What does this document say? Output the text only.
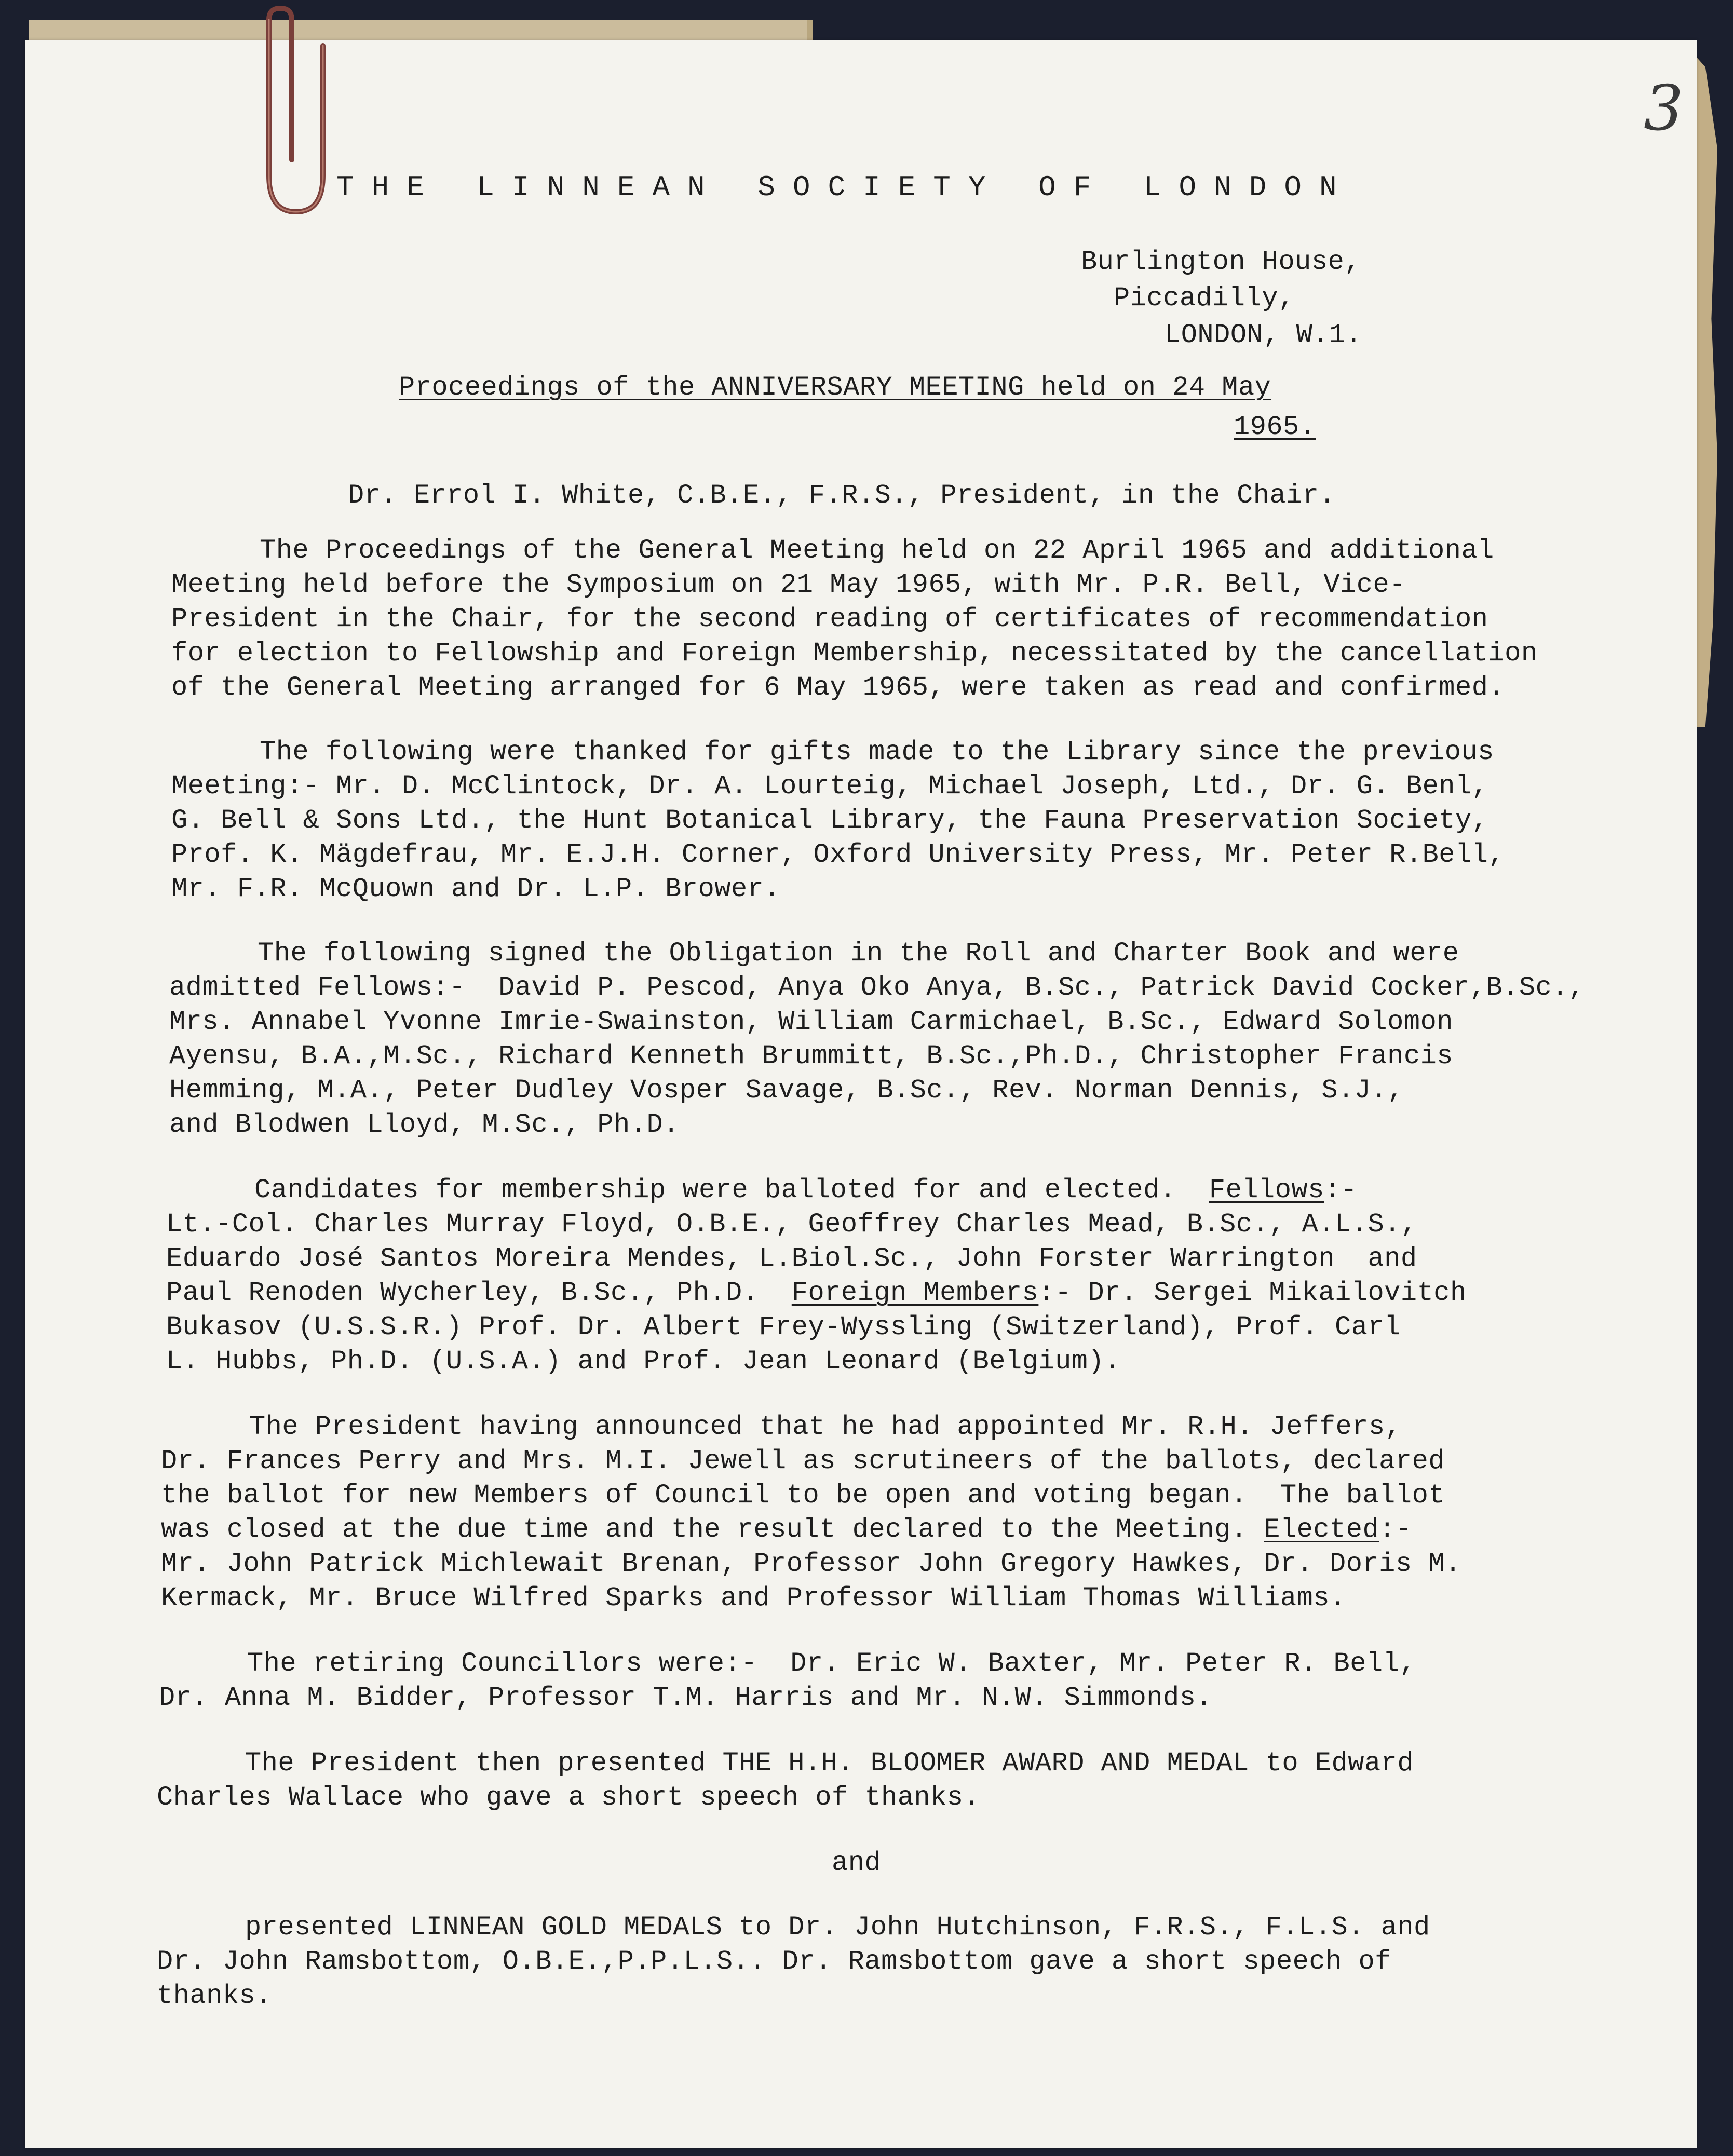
3
THE LINNEAN SOCIETY OF LONDON
Burlington House,
Piccadilly,
LONDON, W.1.
Proceedings of the ANNIVERSARY MEETING held on 24 May
1965.
Dr. Errol I. White, C.B.E., F.R.S., President, in the Chair.
The Proceedings of the General Meeting held on 22 April 1965 and additional
Meeting held before the Symposium on 21 May 1965, with Mr. P.R. Bell, Vice-
President in the Chair, for the second reading of certificates of recommendation
for election to Fellowship and Foreign Membership, necessitated by the cancellation
of the General Meeting arranged for 6 May 1965, were taken as read and confirmed.
The following were thanked for gifts made to the Library since the previous
Meeting:- Mr. D. McClintock, Dr. A. Lourteig, Michael Joseph, Ltd., Dr. G. Benl,
G. Bell & Sons Ltd., the Hunt Botanical Library, the Fauna Preservation Society,
Prof. K. Mägdefrau, Mr. E.J.H. Corner, Oxford University Press, Mr. Peter R.Bell,
Mr. F.R. McQuown and Dr. L.P. Brower.
The following signed the Obligation in the Roll and Charter Book and were
admitted Fellows:-  David P. Pescod, Anya Oko Anya, B.Sc., Patrick David Cocker,B.Sc.,
Mrs. Annabel Yvonne Imrie-Swainston, William Carmichael, B.Sc., Edward Solomon
Ayensu, B.A.,M.Sc., Richard Kenneth Brummitt, B.Sc.,Ph.D., Christopher Francis
Hemming, M.A., Peter Dudley Vosper Savage, B.Sc., Rev. Norman Dennis, S.J.,
and Blodwen Lloyd, M.Sc., Ph.D.
Candidates for membership were balloted for and elected.  Fellows:-
Lt.-Col. Charles Murray Floyd, O.B.E., Geoffrey Charles Mead, B.Sc., A.L.S.,
Eduardo José Santos Moreira Mendes, L.Biol.Sc., John Forster Warrington  and
Paul Renoden Wycherley, B.Sc., Ph.D.  Foreign Members:- Dr. Sergei Mikailovitch
Bukasov (U.S.S.R.) Prof. Dr. Albert Frey-Wyssling (Switzerland), Prof. Carl
L. Hubbs, Ph.D. (U.S.A.) and Prof. Jean Leonard (Belgium).
The President having announced that he had appointed Mr. R.H. Jeffers,
Dr. Frances Perry and Mrs. M.I. Jewell as scrutineers of the ballots, declared
the ballot for new Members of Council to be open and voting began.  The ballot
was closed at the due time and the result declared to the Meeting. Elected:-
Mr. John Patrick Michlewait Brenan, Professor John Gregory Hawkes, Dr. Doris M.
Kermack, Mr. Bruce Wilfred Sparks and Professor William Thomas Williams.
The retiring Councillors were:-  Dr. Eric W. Baxter, Mr. Peter R. Bell,
Dr. Anna M. Bidder, Professor T.M. Harris and Mr. N.W. Simmonds.
The President then presented THE H.H. BLOOMER AWARD AND MEDAL to Edward
Charles Wallace who gave a short speech of thanks.
and
presented LINNEAN GOLD MEDALS to Dr. John Hutchinson, F.R.S., F.L.S. and
Dr. John Ramsbottom, O.B.E.,P.P.L.S.. Dr. Ramsbottom gave a short speech of
thanks.
